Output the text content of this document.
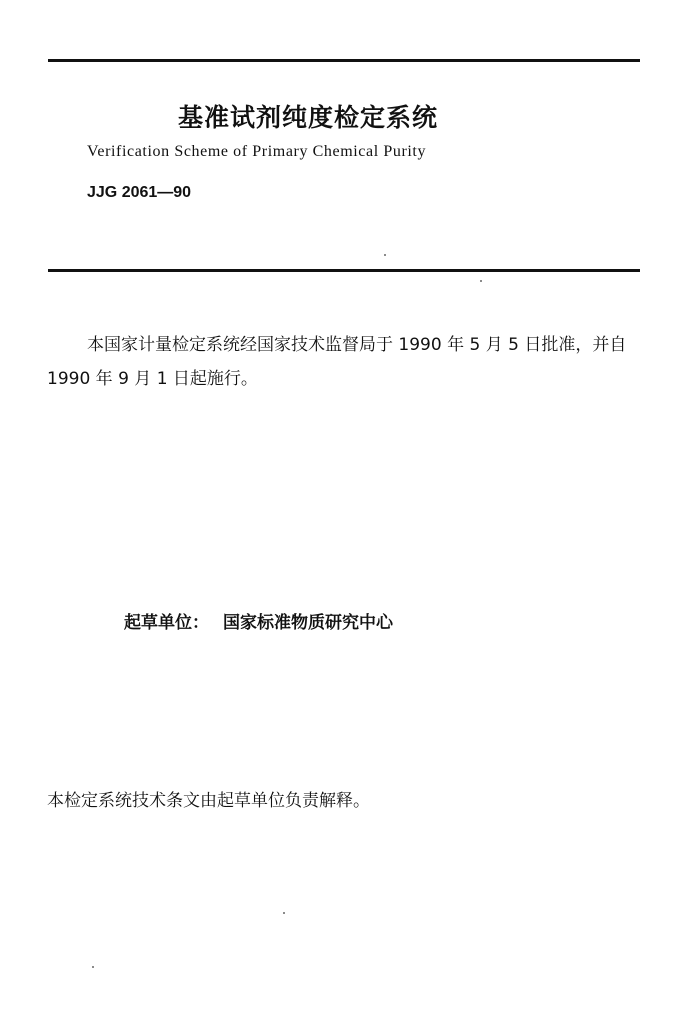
基准试剂纯度检定系统
Verification Scheme of Primary Chemical Purity
JJG 2061—90
本国家计量检定系统经国家技术监督局于 1990 年 5 月 5 日批准，并自 1990 年 9 月 1 日起施行。
起草单位： 国家标准物质研究中心
本检定系统技术条文由起草单位负责解释。
